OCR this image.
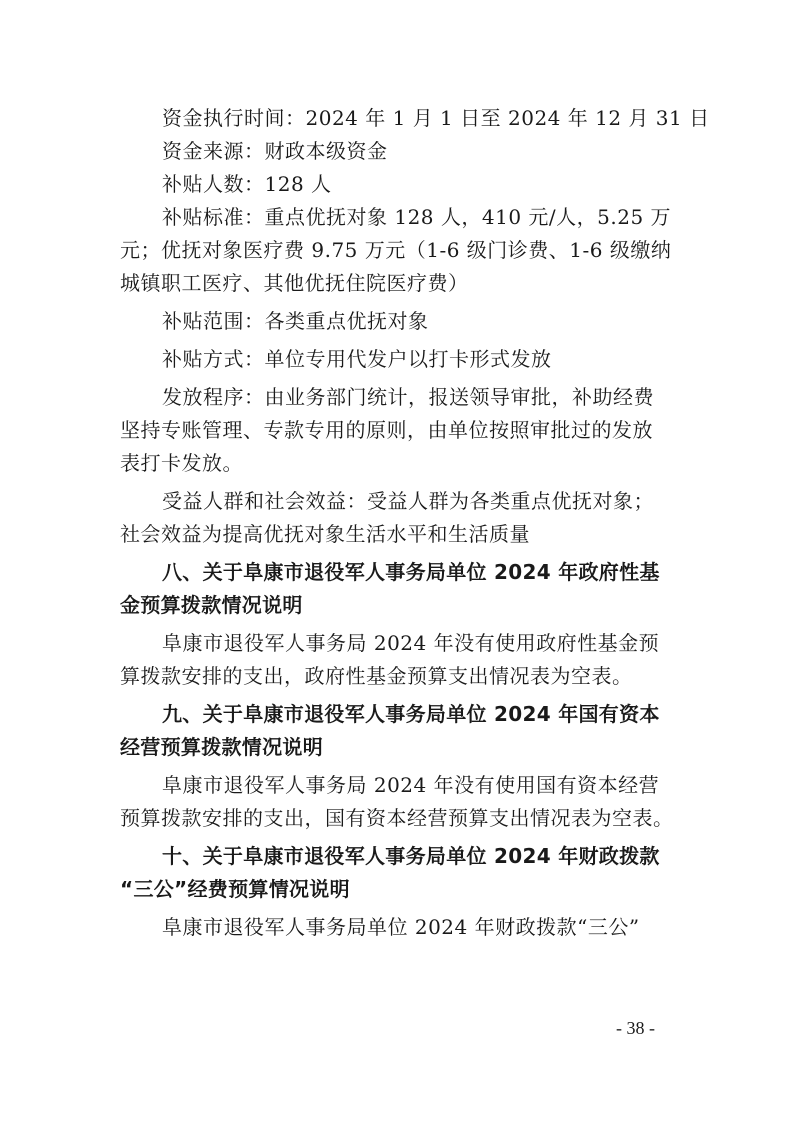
资金执行时间：2024 年 1 月 1 日至 2024 年 12 月 31 日

资金来源：财政本级资金

补贴人数：128 人

补贴标准：重点优抚对象 128 人，410 元/人，5.25 万

元；优抚对象医疗费 9.75 万元（1-6 级门诊费、1-6 级缴纳

城镇职工医疗、其他优抚住院医疗费）

补贴范围：各类重点优抚对象

补贴方式：单位专用代发户以打卡形式发放

发放程序：由业务部门统计，报送领导审批，补助经费

坚持专账管理、专款专用的原则，由单位按照审批过的发放

表打卡发放。

受益人群和社会效益：受益人群为各类重点优抚对象；

社会效益为提高优抚对象生活水平和生活质量

八、关于阜康市退役军人事务局单位 2024 年政府性基

金预算拨款情况说明

阜康市退役军人事务局 2024 年没有使用政府性基金预

算拨款安排的支出，政府性基金预算支出情况表为空表。

九、关于阜康市退役军人事务局单位 2024 年国有资本

经营预算拨款情况说明

阜康市退役军人事务局 2024 年没有使用国有资本经营

预算拨款安排的支出，国有资本经营预算支出情况表为空表。

十、关于阜康市退役军人事务局单位 2024 年财政拨款

“三公”经费预算情况说明

阜康市退役军人事务局单位 2024 年财政拨款“三公”

- 38 -
